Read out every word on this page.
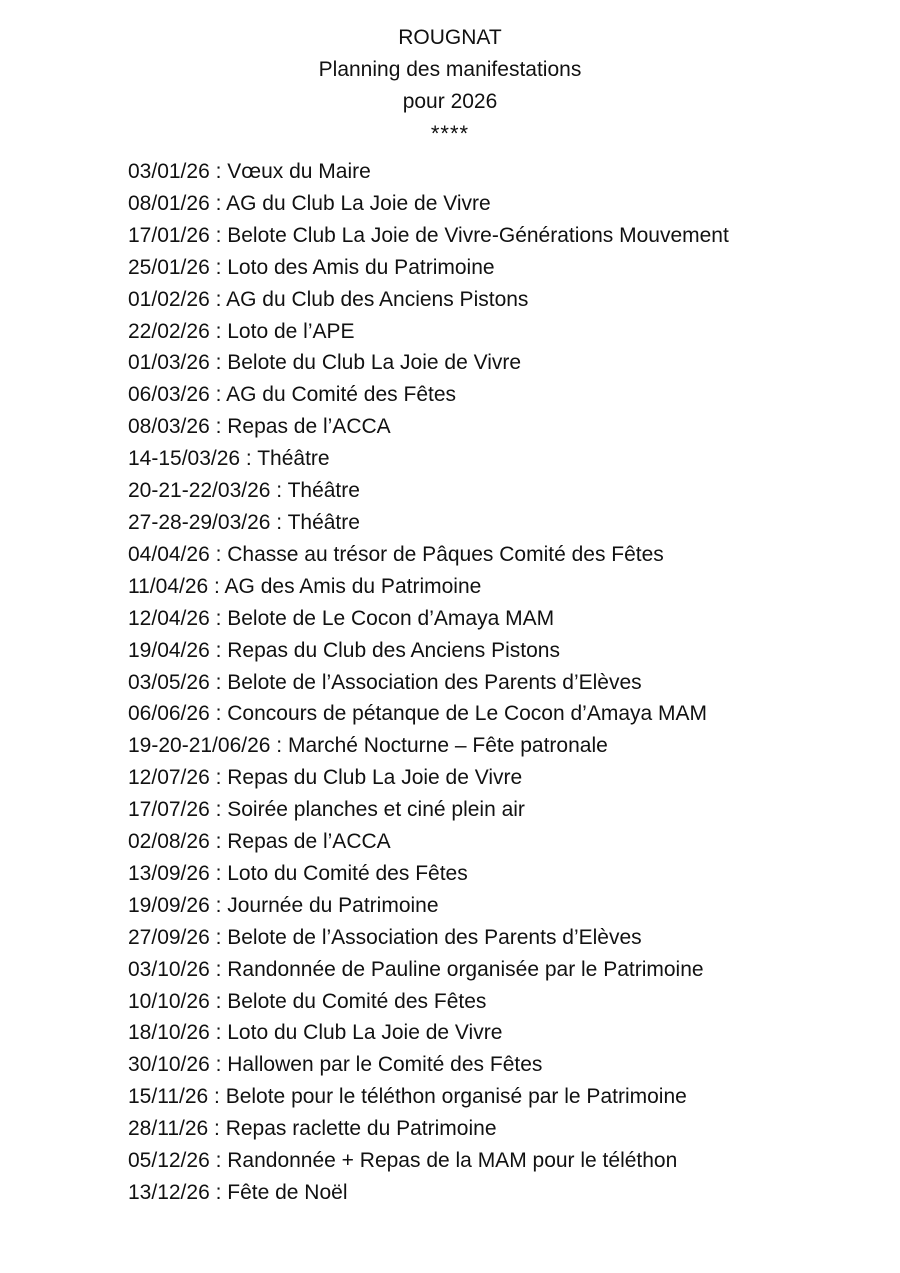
ROUGNAT
Planning des manifestations
pour 2026
****
03/01/26 : Vœux du Maire
08/01/26 : AG du Club La Joie de Vivre
17/01/26 : Belote Club La Joie de Vivre-Générations Mouvement
25/01/26 : Loto des Amis du Patrimoine
01/02/26 : AG du Club des Anciens Pistons
22/02/26 : Loto de l’APE
01/03/26 : Belote du Club La Joie de Vivre
06/03/26 : AG du Comité des Fêtes
08/03/26 : Repas de l’ACCA
14-15/03/26 : Théâtre
20-21-22/03/26 : Théâtre
27-28-29/03/26 : Théâtre
04/04/26 : Chasse au trésor de Pâques Comité des Fêtes
11/04/26 : AG des Amis du Patrimoine
12/04/26 : Belote de Le Cocon d’Amaya MAM
19/04/26 : Repas du Club des Anciens Pistons
03/05/26 : Belote de l’Association des Parents d’Elèves
06/06/26 : Concours de pétanque de Le Cocon d’Amaya MAM
19-20-21/06/26 : Marché Nocturne – Fête patronale
12/07/26 : Repas du Club La Joie de Vivre
17/07/26 : Soirée planches et ciné plein air
02/08/26 : Repas de l’ACCA
13/09/26 : Loto du Comité des Fêtes
19/09/26 : Journée du Patrimoine
27/09/26 : Belote de l’Association des Parents d’Elèves
03/10/26 : Randonnée de Pauline organisée par le Patrimoine
10/10/26 : Belote du Comité des Fêtes
18/10/26 : Loto du Club La Joie de Vivre
30/10/26 : Hallowen par le Comité des Fêtes
15/11/26 : Belote pour le téléthon organisé par le Patrimoine
28/11/26 : Repas raclette du Patrimoine
05/12/26 : Randonnée + Repas de la MAM pour le téléthon
13/12/26 : Fête de Noël
